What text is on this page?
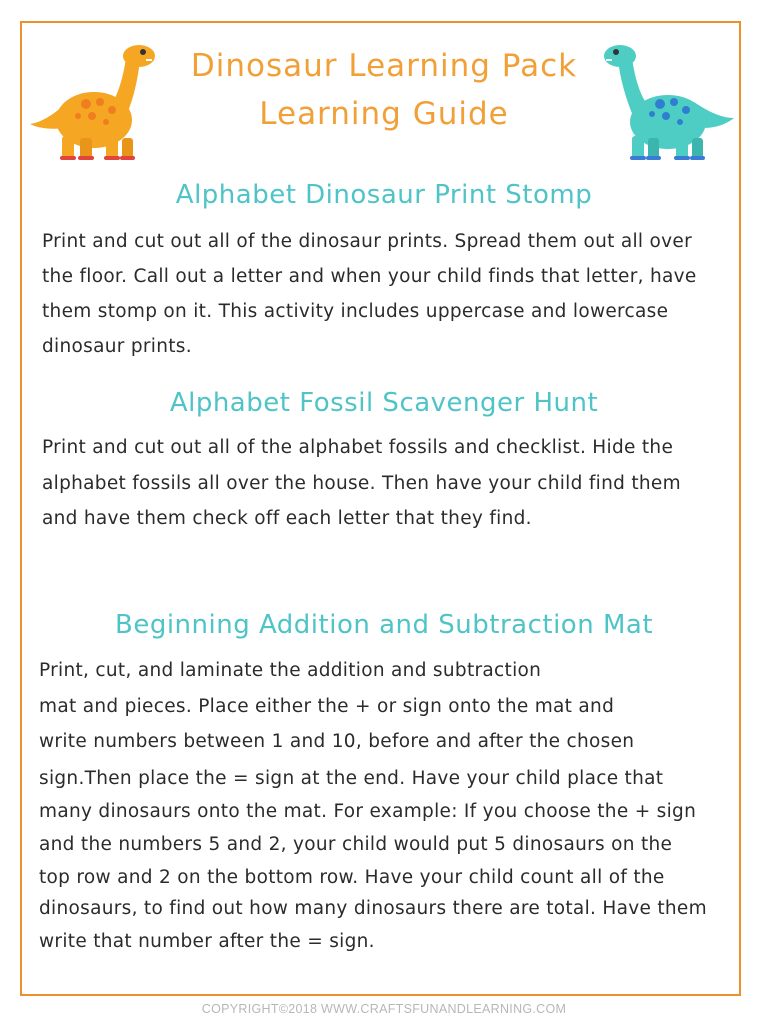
Dinosaur Learning Pack
Learning Guide
Alphabet Dinosaur Print Stomp
Print and cut out all of the dinosaur prints. Spread them out all over
the floor. Call out a letter and when your child finds that letter, have
them stomp on it. This activity includes uppercase and lowercase
dinosaur prints.
Alphabet Fossil Scavenger Hunt
Print and cut out all of the alphabet fossils and checklist. Hide the
alphabet fossils all over the house. Then have your child find them
and have them check off each letter that they find.
Beginning Addition and Subtraction Mat
Print, cut, and laminate the addition and subtraction
mat and pieces. Place either the + or sign onto the mat and
write numbers between 1 and 10, before and after the chosen
sign.Then place the = sign at the end. Have your child place that
many dinosaurs onto the mat. For example: If you choose the + sign
and the numbers 5 and 2, your child would put 5 dinosaurs on the
top row and 2 on the bottom row. Have your child count all of the
dinosaurs, to find out how many dinosaurs there are total. Have them
write that number after the = sign.
COPYRIGHT©2018 WWW.CRAFTSFUNANDLEARNING.COM
